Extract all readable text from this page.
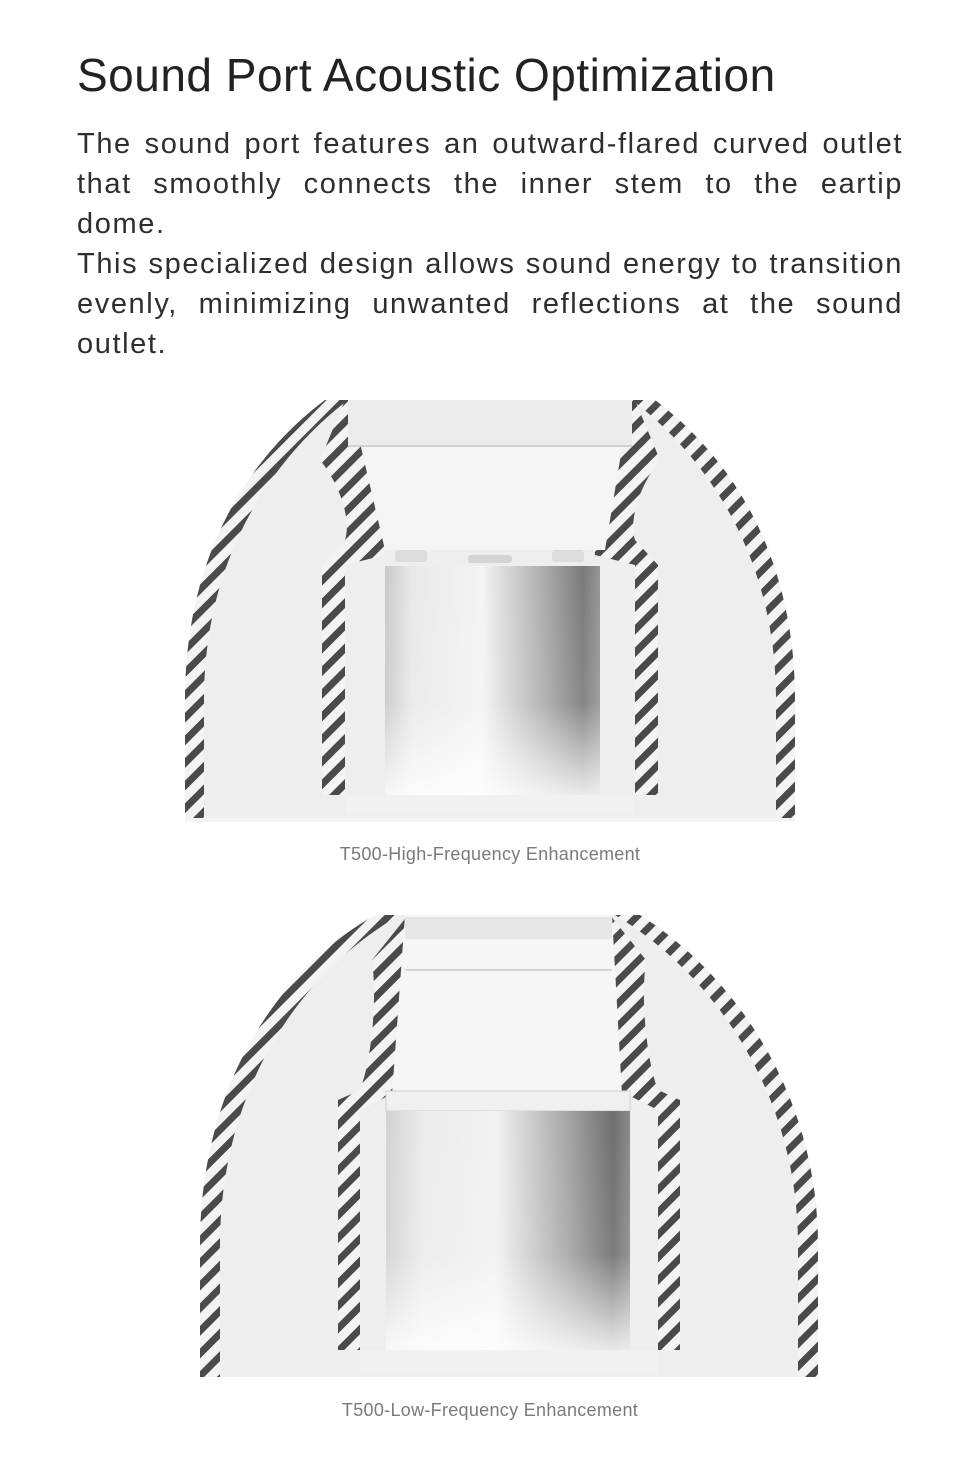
Sound Port Acoustic Optimization

The sound port features an outward-flared curved outlet that smoothly connects the inner stem to the eartip dome.

This specialized design allows sound energy to transition evenly, minimizing unwanted reflections at the sound outlet.

T500-High-Frequency Enhancement
T500-Low-Frequency Enhancement
